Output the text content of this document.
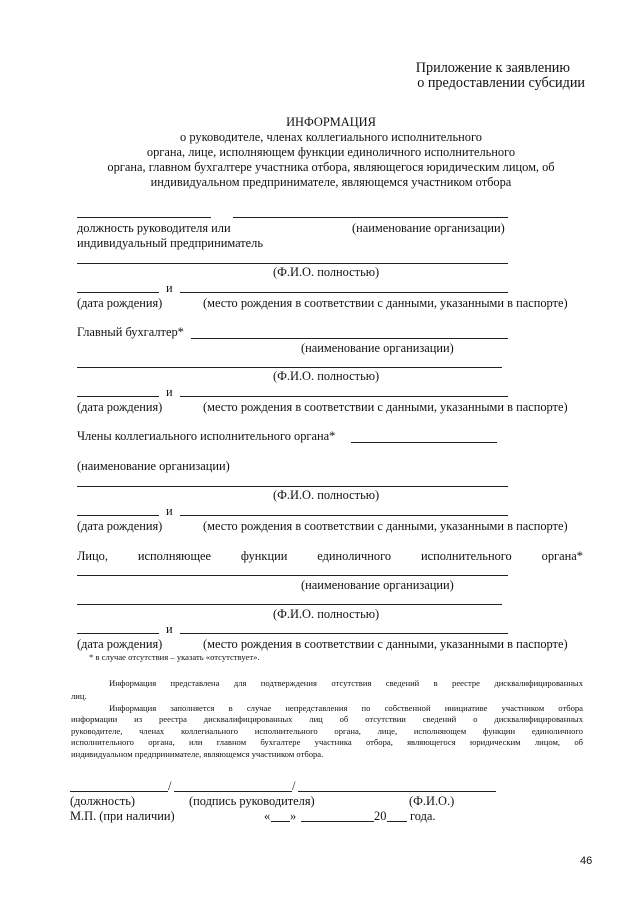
Приложение к заявлению
о предоставлении субсидии
ИНФОРМАЦИЯ
о руководителе, членах коллегиального исполнительного
органа, лице, исполняющем функции единоличного исполнительного
органа, главном бухгалтере участника отбора, являющегося юридическим лицом, об
индивидуальном предпринимателе, являющемся участником отбора
должность руководителя или	(наименование организации)
индивидуальный предприниматель
(Ф.И.О. полностью)
и
(дата рождения)	(место рождения в соответствии с данными, указанными в паспорте)
Главный бухгалтер*
(наименование организации)
(Ф.И.О. полностью)
и
(дата рождения)	(место рождения в соответствии с данными, указанными в паспорте)
Члены коллегиального исполнительного органа*
(наименование организации)
(Ф.И.О. полностью)
и
(дата рождения)	(место рождения в соответствии с данными, указанными в паспорте)
Лицо, исполняющее функции единоличного исполнительного органа*
(наименование организации)
(Ф.И.О. полностью)
и
(дата рождения)	(место рождения в соответствии с данными, указанными в паспорте)
* в случае отсутствия – указать «отсутствует».
Информация представлена для подтверждения отсутствия сведений в реестре дисквалифицированных
лиц.
Информация заполняется в случае непредставления по собственной инициативе участником отбора
информации из реестра дисквалифицированных лиц об отсутствии сведений о дисквалифицированных
руководителе, членах коллегиального исполнительного органа, лице, исполняющем функции единоличного
исполнительного органа, или главном бухгалтере участника отбора, являющегося юридическим лицом, об
индивидуальном предпринимателе, являющемся участником отбора.
/	/
(должность)	(подпись руководителя)	(Ф.И.О.)
М.П. (при наличии)	« »	20 года.
46
